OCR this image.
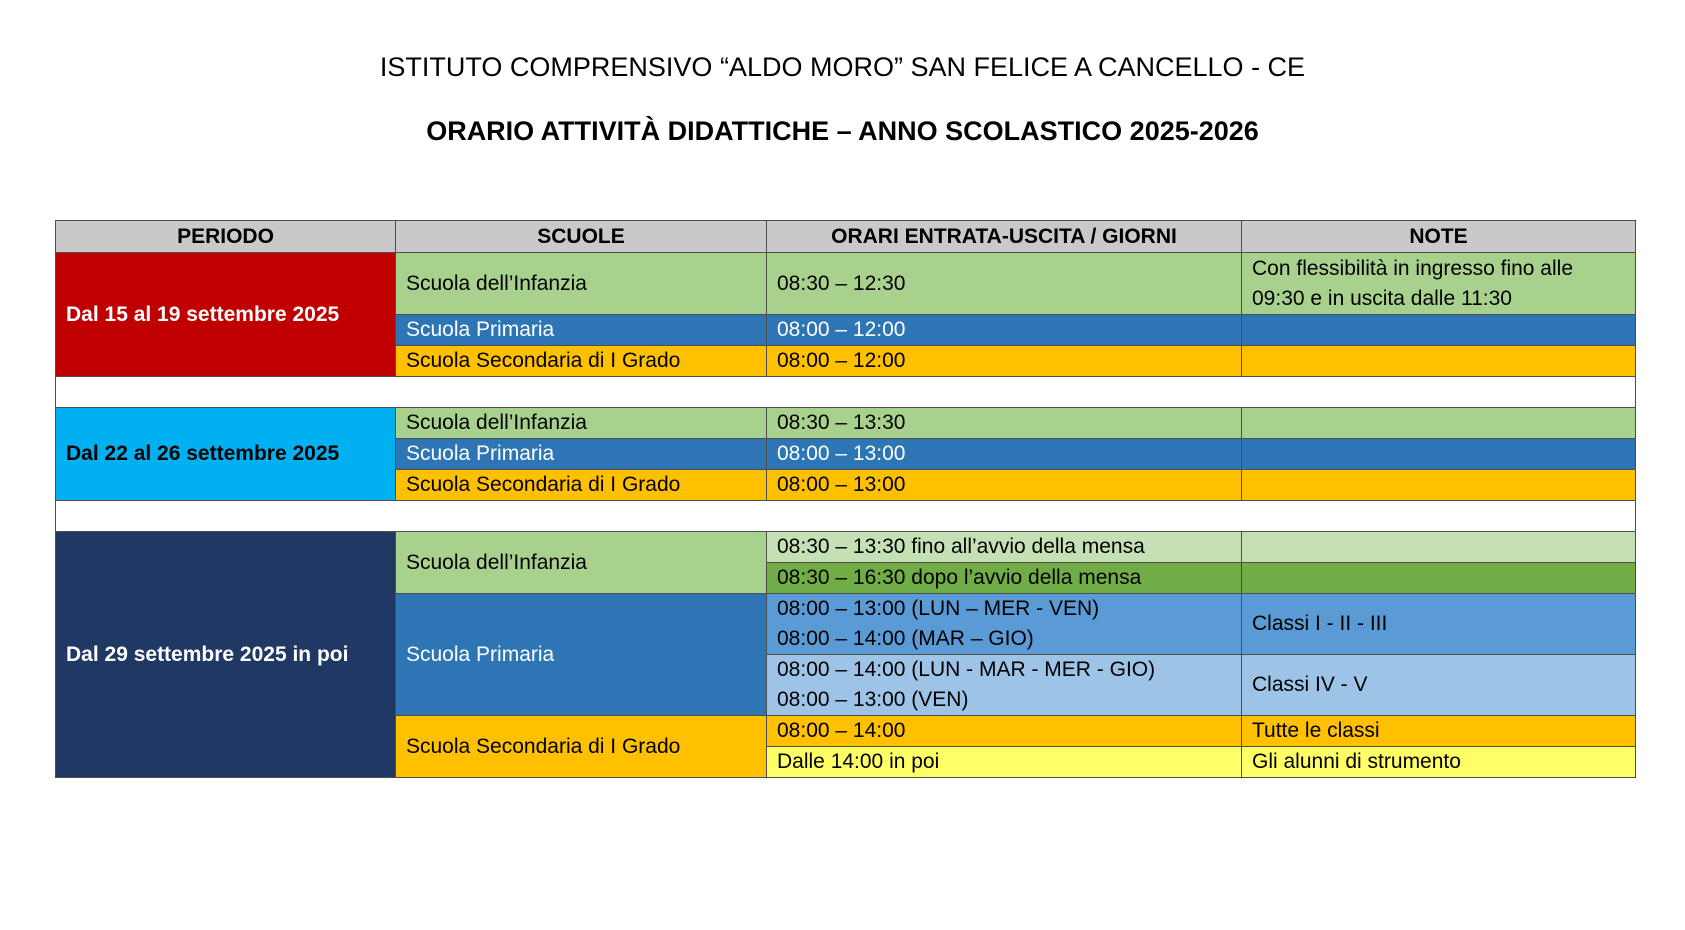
ISTITUTO COMPRENSIVO “ALDO MORO” SAN FELICE A CANCELLO - CE
ORARIO ATTIVITÀ DIDATTICHE – ANNO SCOLASTICO 2025-2026
PERIODO	SCUOLE	ORARI ENTRATA-USCITA / GIORNI	NOTE
Dal 15 al 19 settembre 2025	Scuola dell’Infanzia	08:30 – 12:30	Con flessibilità in ingresso fino alle
09:30 e in uscita dalle 11:30

	Scuola Primaria	08:00 – 12:00	
	Scuola Secondaria di I Grado	08:00 – 12:00	

Dal 22 al 26 settembre 2025	Scuola dell’Infanzia	08:30 – 13:30	
	Scuola Primaria	08:00 – 13:00	
	Scuola Secondaria di I Grado	08:00 – 13:00	

Dal 29 settembre 2025 in poi	Scuola dell’Infanzia	08:30 – 13:30 fino all’avvio della mensa	
		08:30 – 16:30 dopo l’avvio della mensa	
	Scuola Primaria	08:00 – 13:00 (LUN – MER - VEN)
08:00 – 14:00 (MAR – GIO)	Classi I - II - III

		08:00 – 14:00 (LUN - MAR - MER - GIO)
08:00 – 13:00 (VEN)	Classi IV - V

	Scuola Secondaria di I Grado	08:00 – 14:00	Tutte le classi
		Dalle 14:00 in poi	Gli alunni di strumento
